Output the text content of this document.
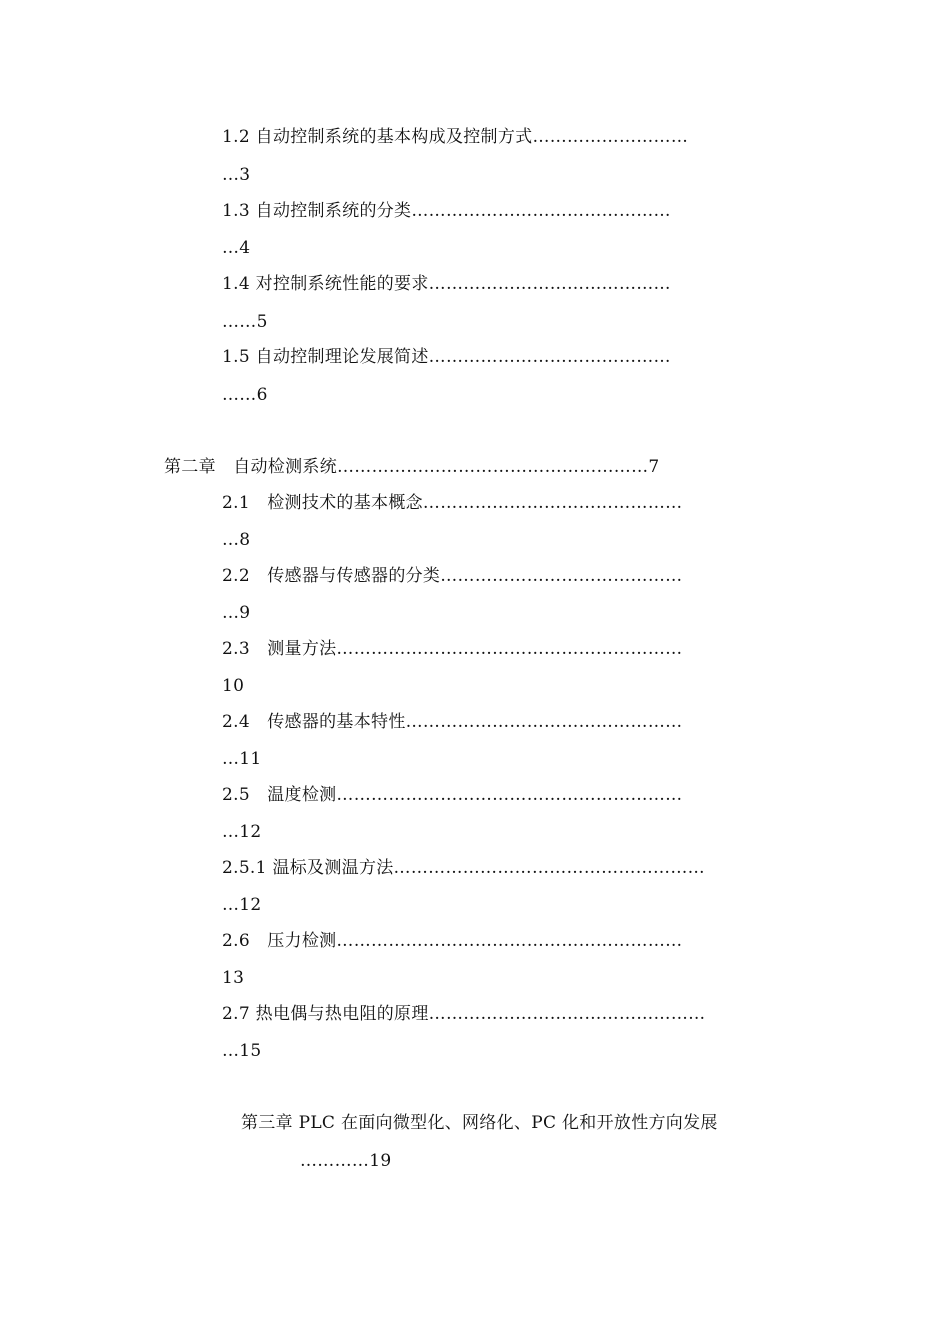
1.2 自动控制系统的基本构成及控制方式………………………
…3
1.3 自动控制系统的分类………………………………………
…4
1.4 对控制系统性能的要求……………………………………
……5
1.5 自动控制理论发展简述……………………………………
……6
第二章　自动检测系统………………………………………………7
2.1　检测技术的基本概念………………………………………
…8
2.2　传感器与传感器的分类……………………………………
…9
2.3　测量方法……………………………………………………
10
2.4　传感器的基本特性…………………………………………
…11
2.5　温度检测……………………………………………………
…12
2.5.1 温标及测温方法………………………………………………
…12
2.6　压力检测……………………………………………………
13
2.7 热电偶与热电阻的原理…………………………………………
…15
第三章 PLC 在面向微型化、网络化、PC 化和开放性方向发展
…………19
